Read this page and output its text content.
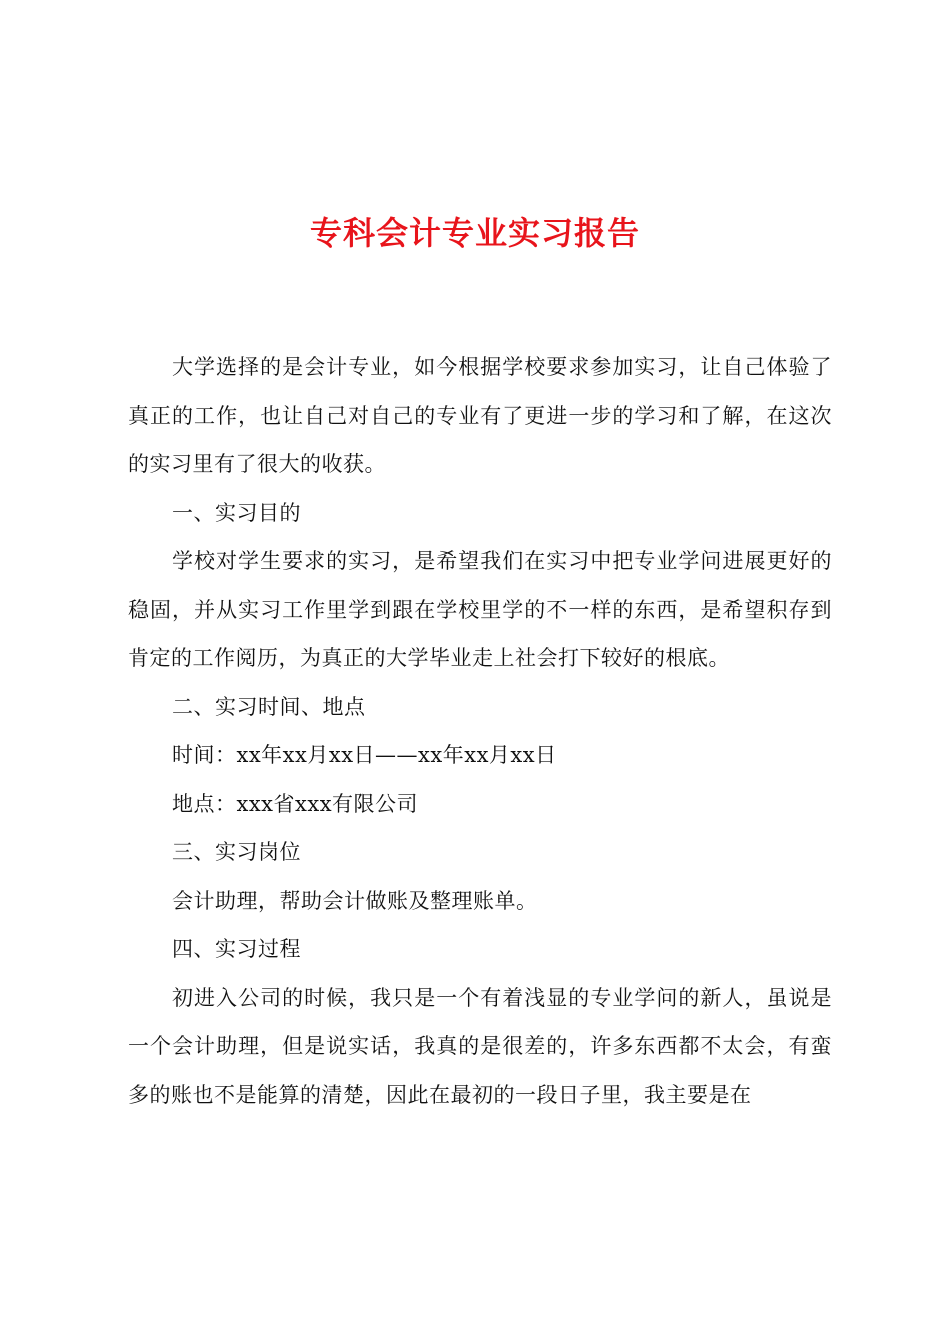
专科会计专业实习报告

大学选择的是会计专业，如今根据学校要求参加实习，让自己体验了真正的工作，也让自己对自己的专业有了更进一步的学习和了解，在这次的实习里有了很大的收获。

一、实习目的

学校对学生要求的实习，是希望我们在实习中把专业学问进展更好的稳固，并从实习工作里学到跟在学校里学的不一样的东西，是希望积存到肯定的工作阅历，为真正的大学毕业走上社会打下较好的根底。

二、实习时间、地点

时间：xx年xx月xx日——xx年xx月xx日

地点：xxx省xxx有限公司

三、实习岗位

会计助理，帮助会计做账及整理账单。

四、实习过程

初进入公司的时候，我只是一个有着浅显的专业学问的新人，虽说是一个会计助理，但是说实话，我真的是很差的，许多东西都不太会，有蛮多的账也不是能算的清楚，因此在最初的一段日子里，我主要是在
